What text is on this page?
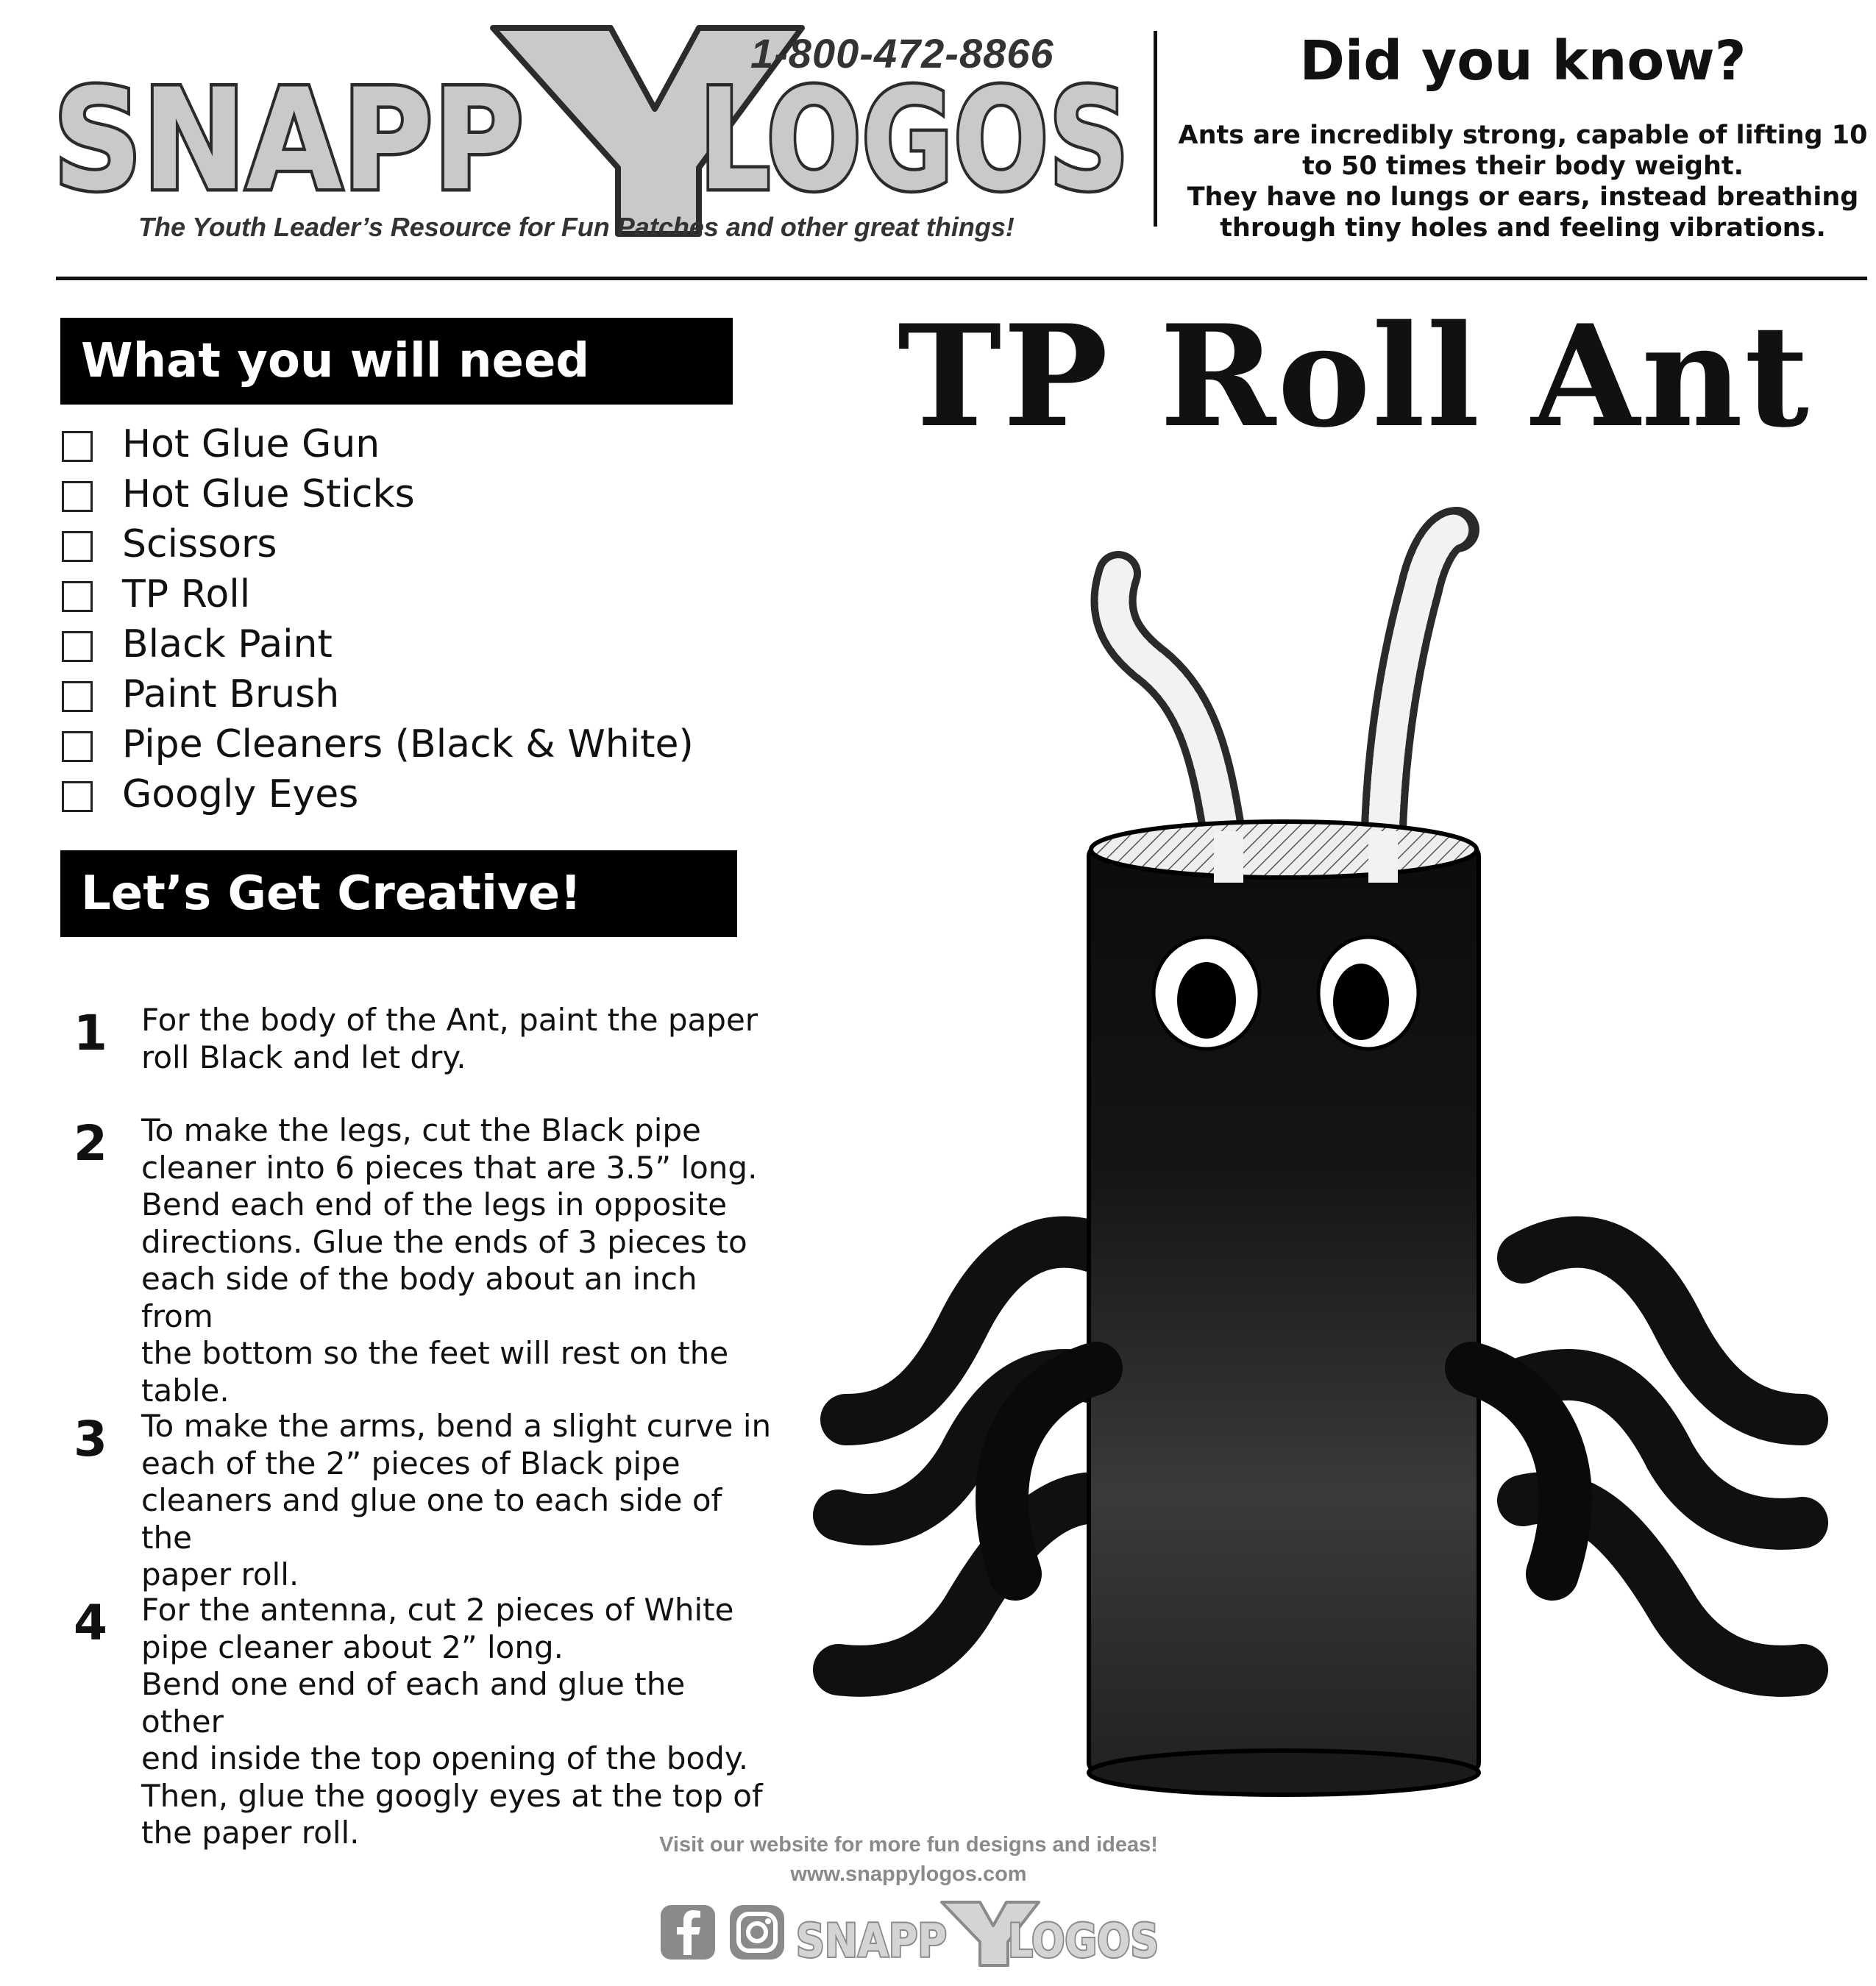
SNAPP LOGOS
1-800-472-8866
The Youth Leader’s Resource for Fun Patches and other great things!
Did you know?
Ants are incredibly strong, capable of lifting 10
to 50 times their body weight.
They have no lungs or ears, instead breathing
through tiny holes and feeling vibrations.
What you will need
Hot Glue Gun
Hot Glue Sticks
Scissors
TP Roll
Black Paint
Paint Brush
Pipe Cleaners (Black & White)
Googly Eyes
Let’s Get Creative!
1 For the body of the Ant, paint the paper
roll Black and let dry.
2 To make the legs, cut the Black pipe
cleaner into 6 pieces that are 3.5” long.
Bend each end of the legs in opposite
directions. Glue the ends of 3 pieces to
each side of the body about an inch from
the bottom so the feet will rest on the
table.
3 To make the arms, bend a slight curve in
each of the 2” pieces of Black pipe
cleaners and glue one to each side of the
paper roll.
4 For the antenna, cut 2 pieces of White
pipe cleaner about 2” long.
Bend one end of each and glue the other
end inside the top opening of the body.
Then, glue the googly eyes at the top of
the paper roll.
TP Roll Ant
Visit our website for more fun designs and ideas!
www.snappylogos.com
SNAPP LOGOS
